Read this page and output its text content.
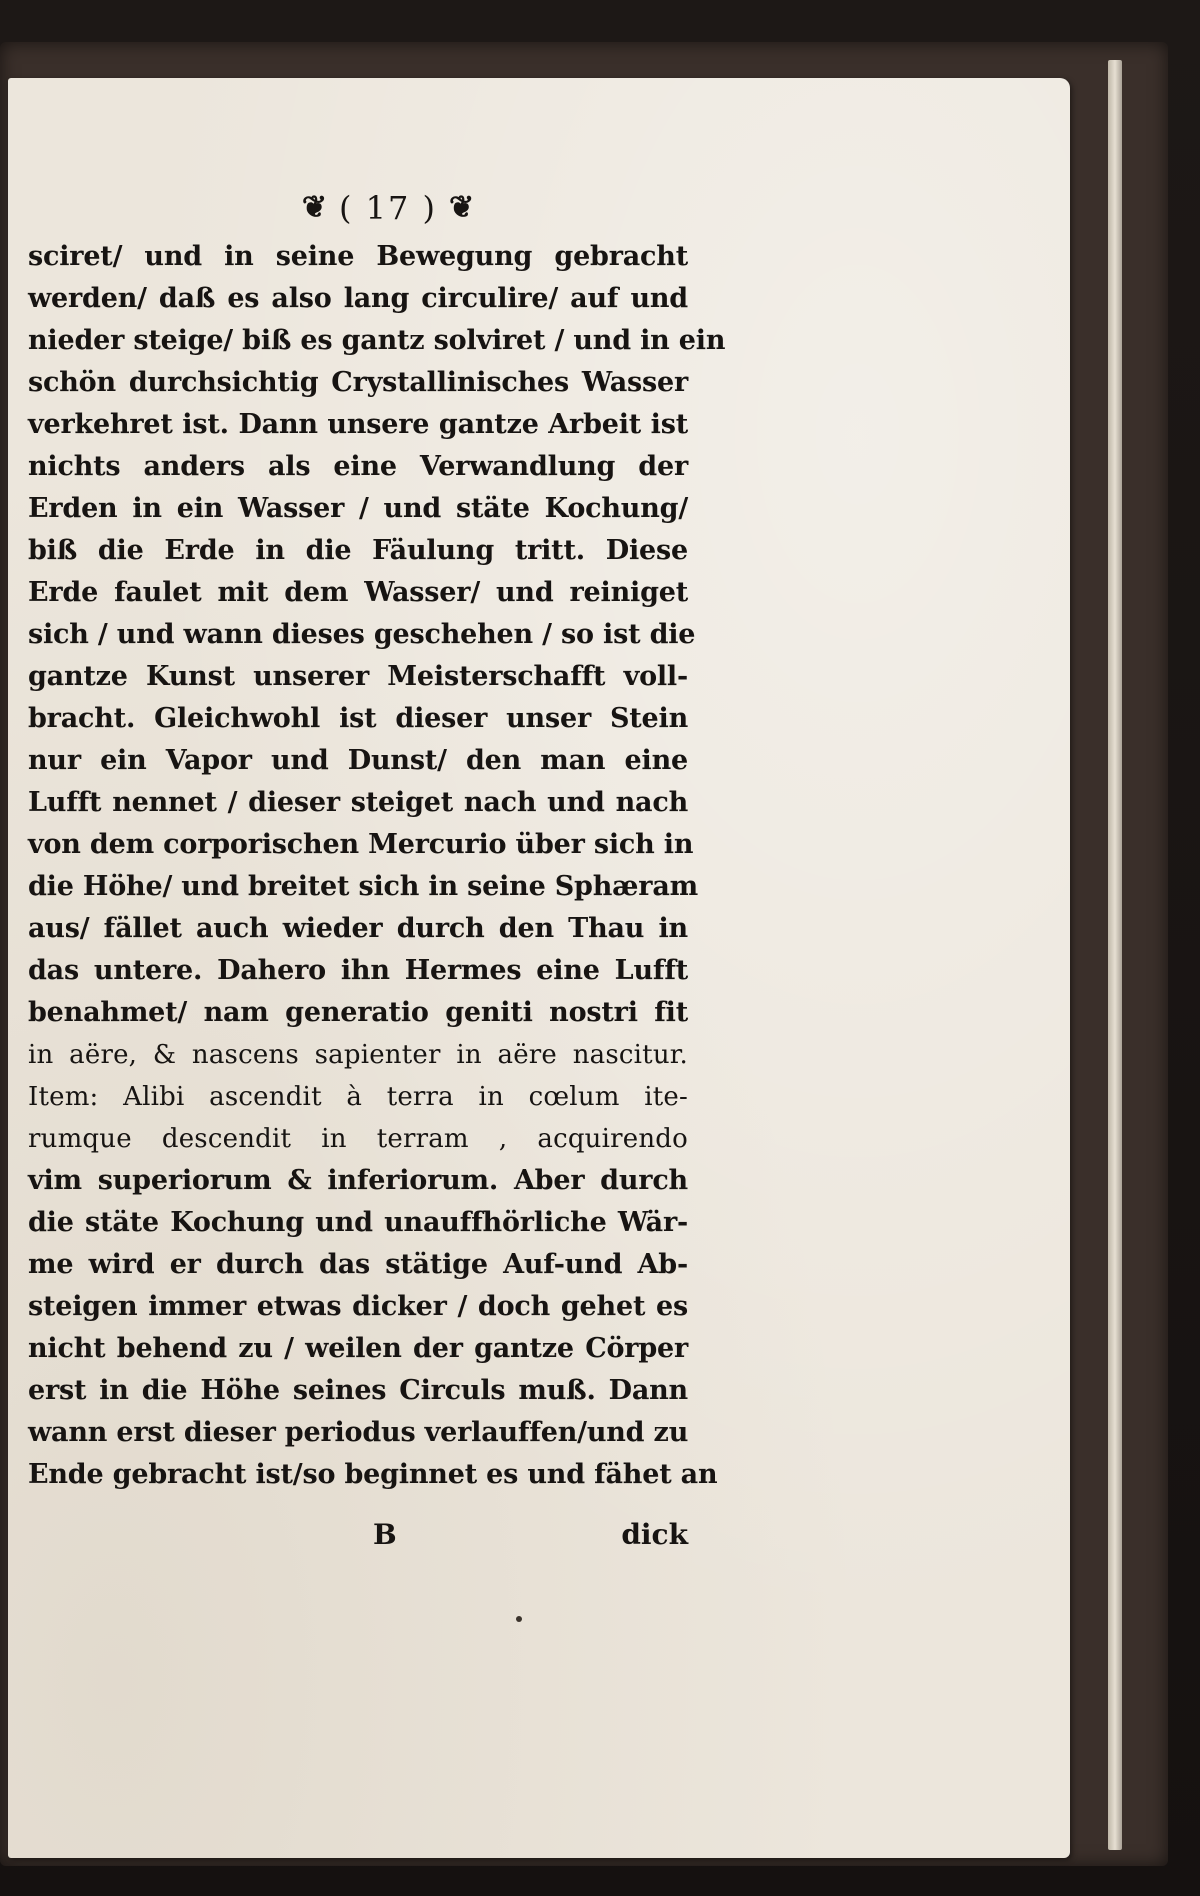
❦ ( 17 ) ❦
sciret/ und in seine Bewegung gebracht
werden/ daß es also lang circulire/ auf und
nieder steige/ biß es gantz solviret / und in ein
schön durchsichtig Crystallinisches Wasser
verkehret ist. Dann unsere gantze Arbeit ist
nichts anders als eine Verwandlung der
Erden in ein Wasser / und stäte Kochung/
biß die Erde in die Fäulung tritt. Diese
Erde faulet mit dem Wasser/ und reiniget
sich / und wann dieses geschehen / so ist die
gantze Kunst unserer Meisterschafft voll-
bracht. Gleichwohl ist dieser unser Stein
nur ein Vapor und Dunst/ den man eine
Lufft nennet / dieser steiget nach und nach
von dem corporischen Mercurio über sich in
die Höhe/ und breitet sich in seine Sphæram
aus/ fället auch wieder durch den Thau in
das untere. Dahero ihn Hermes eine Lufft
benahmet/ nam generatio geniti nostri fit
in aëre, & nascens sapienter in aëre nascitur.
Item: Alibi ascendit à terra in cœlum ite-
rumque descendit in terram , acquirendo
vim superiorum & inferiorum. Aber durch
die stäte Kochung und unauffhörliche Wär-
me wird er durch das stätige Auf-und Ab-
steigen immer etwas dicker / doch gehet es
nicht behend zu / weilen der gantze Cörper
erst in die Höhe seines Circuls muß. Dann
wann erst dieser periodus verlauffen/und zu
Ende gebracht ist/so beginnet es und fähet an
B	dick
